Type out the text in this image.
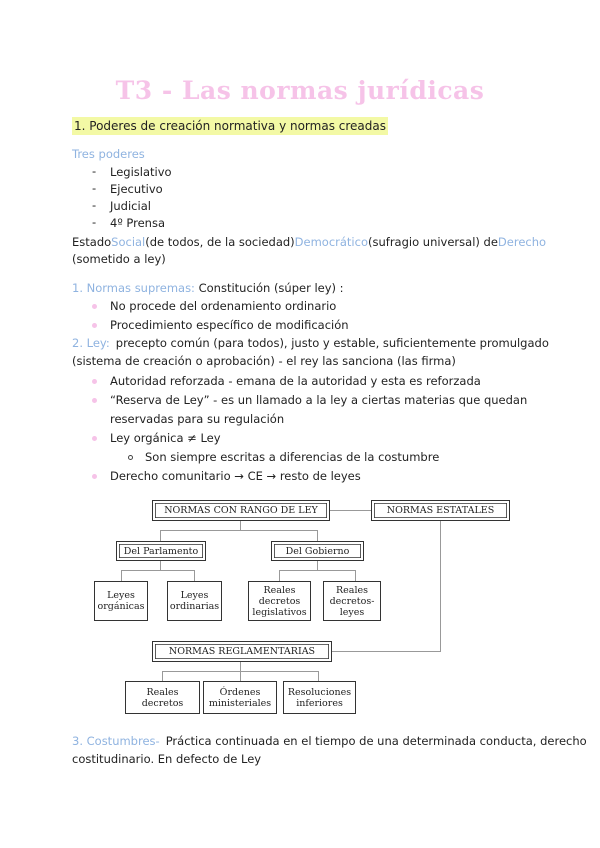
T3 - Las normas jurídicas
1. Poderes de creación normativa y normas creadas
Tres poderes
- Legislativo
- Ejecutivo
- Judicial
- 4º Prensa
Estado Social (de todos, de la sociedad) Democrático (sufragio universal) de Derecho
(sometido a ley)
1. Normas supremas: Constitución (súper ley) :
No procede del ordenamiento ordinario
Procedimiento específico de modificación
2. Ley: precepto común (para todos), justo y estable, suficientemente promulgado
(sistema de creación o aprobación) - el rey las sanciona (las firma)
Autoridad reforzada - emana de la autoridad y esta es reforzada
“Reserva de Ley” - es un llamado a la ley a ciertas materias que quedan
reservadas para su regulación
Ley orgánica ≠ Ley
Son siempre escritas a diferencias de la costumbre
Derecho comunitario → CE → resto de leyes
NORMAS CON RANGO DE LEY	NORMAS ESTATALES
Del Parlamento	Del Gobierno
Leyes orgánicas
Leyes ordinarias
Reales decretos legislativos
Reales decretos-leyes
NORMAS REGLAMENTARIAS
Reales decretos
Órdenes ministeriales
Resoluciones inferiores
3. Costumbres- Práctica continuada en el tiempo de una determinada conducta, derecho
costitudinario. En defecto de Ley
